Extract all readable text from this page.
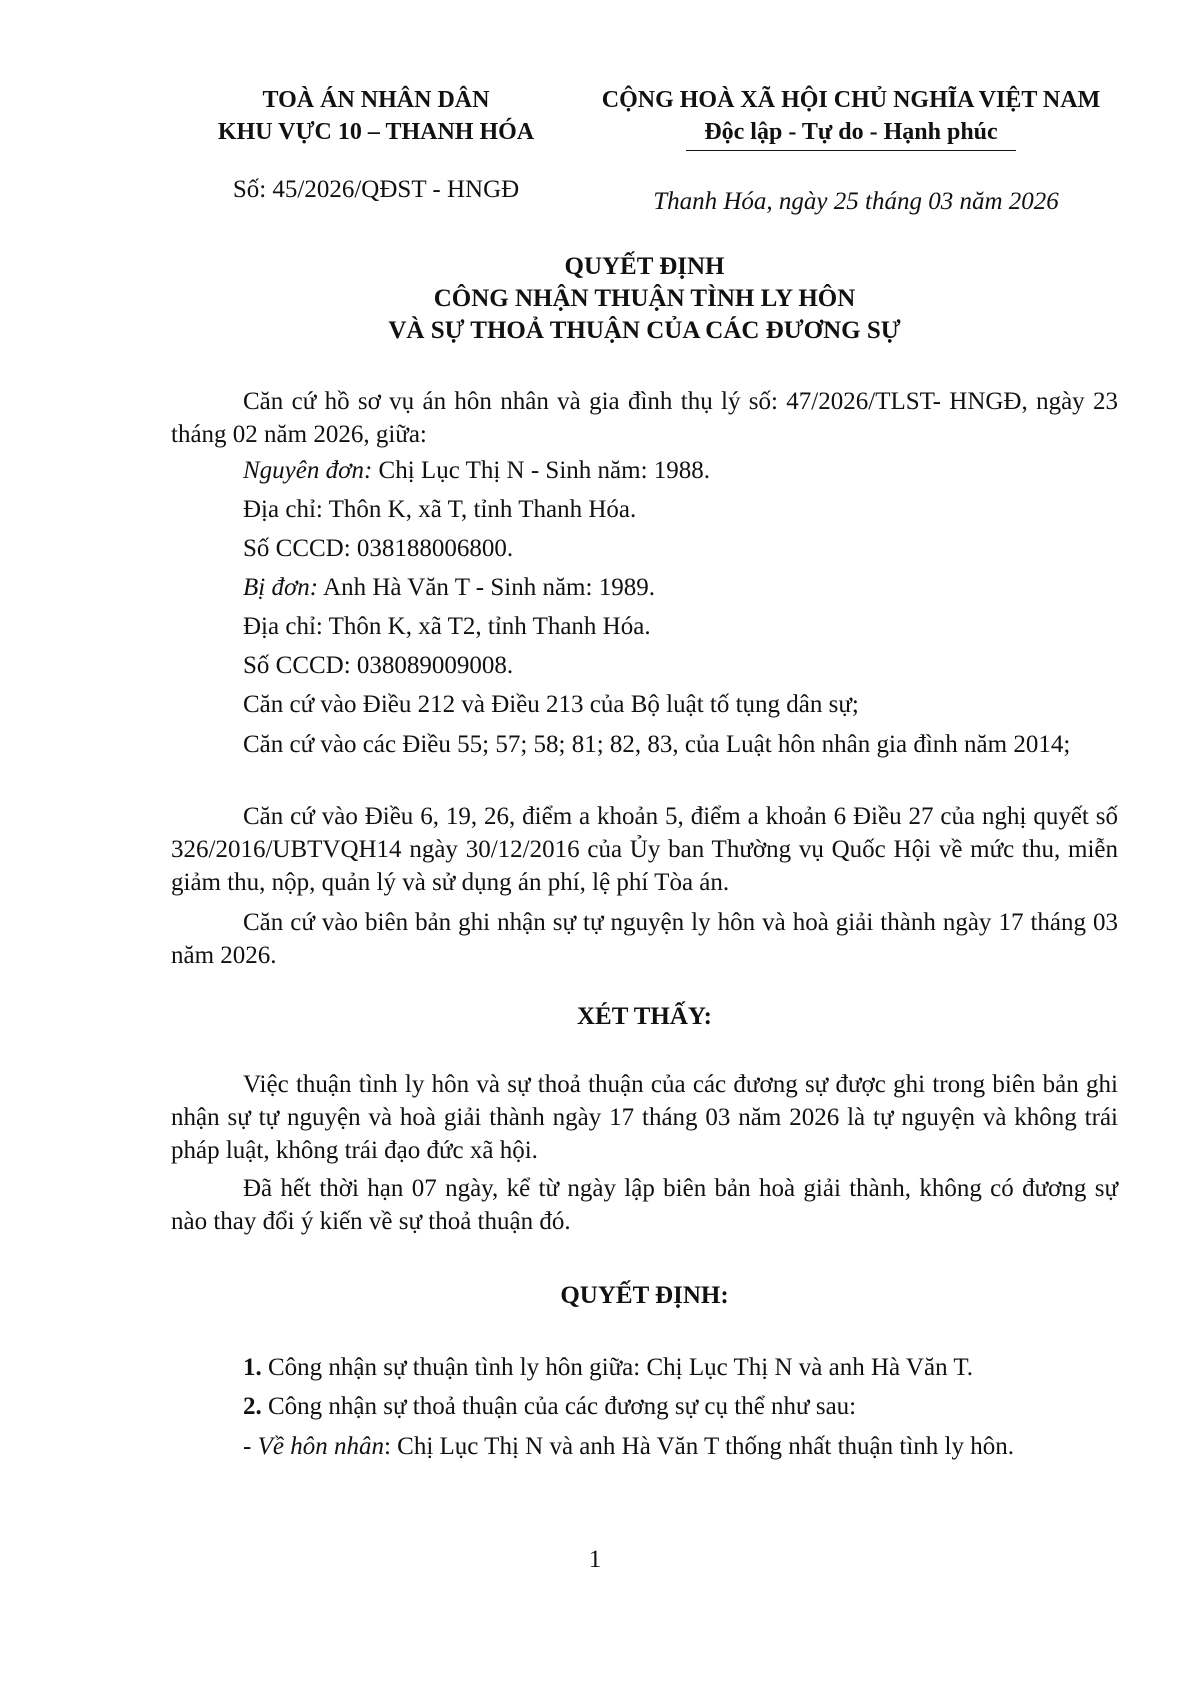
TOÀ ÁN NHÂN DÂN
KHU VỰC 10 – THANH HÓA
CỘNG HOÀ XÃ HỘI CHỦ NGHĨA VIỆT NAM
Độc lập - Tự do - Hạnh phúc
Số: 45/2026/QĐST - HNGĐ	Thanh Hóa, ngày 25 tháng 03 năm 2026
QUYẾT ĐỊNH
CÔNG NHẬN THUẬN TÌNH LY HÔN
VÀ SỰ THOẢ THUẬN CỦA CÁC ĐƯƠNG SỰ

Căn cứ hồ sơ vụ án hôn nhân và gia đình thụ lý số: 47/2026/TLST- HNGĐ, ngày 23 tháng 02 năm 2026, giữa:

Nguyên đơn: Chị Lục Thị N - Sinh năm: 1988.

Địa chỉ: Thôn K, xã T, tỉnh Thanh Hóa.

Số CCCD: 038188006800.

Bị đơn: Anh Hà Văn T - Sinh năm: 1989.

Địa chỉ: Thôn K, xã T2, tỉnh Thanh Hóa.

Số CCCD: 038089009008.

Căn cứ vào Điều 212 và Điều 213 của Bộ luật tố tụng dân sự;

Căn cứ vào các Điều 55; 57; 58; 81; 82, 83, của Luật hôn nhân gia đình năm 2014;

Căn cứ vào Điều 6, 19, 26, điểm a khoản 5, điểm a khoản 6 Điều 27 của nghị quyết số 326/2016/UBTVQH14 ngày 30/12/2016 của Ủy ban Thường vụ Quốc Hội về mức thu, miễn giảm thu, nộp, quản lý và sử dụng án phí, lệ phí Tòa án.

Căn cứ vào biên bản ghi nhận sự tự nguyện ly hôn và hoà giải thành ngày 17 tháng 03 năm 2026.

XÉT THẤY:

Việc thuận tình ly hôn và sự thoả thuận của các đương sự được ghi trong biên bản ghi nhận sự tự nguyện và hoà giải thành ngày 17 tháng 03 năm 2026 là tự nguyện và không trái pháp luật, không trái đạo đức xã hội.

Đã hết thời hạn 07 ngày, kể từ ngày lập biên bản hoà giải thành, không có đương sự nào thay đổi ý kiến về sự thoả thuận đó.

QUYẾT ĐỊNH:

1. Công nhận sự thuận tình ly hôn giữa: Chị Lục Thị N và anh Hà Văn T.

2. Công nhận sự thoả thuận của các đương sự cụ thể như sau:

- Về hôn nhân: Chị Lục Thị N và anh Hà Văn T thống nhất thuận tình ly hôn.

1
